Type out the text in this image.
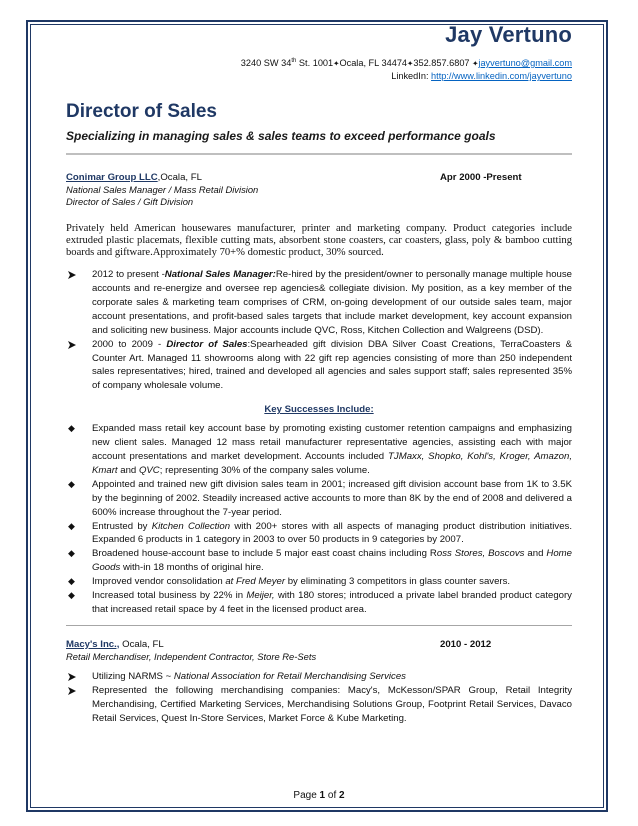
Jay Vertuno
3240 SW 34th St. 1001✦Ocala, FL 34474✦352.857.6807 ✦jayvertuno@gmail.com
LinkedIn: http://www.linkedin.com/jayvertuno
Director of Sales
Specializing in managing sales & sales teams to exceed performance goals
Conimar Group LLC,Ocala, FL	Apr 2000 -Present
National Sales Manager / Mass Retail Division
Director of Sales / Gift Division
Privately held American housewares manufacturer, printer and marketing company. Product categories include extruded plastic placemats, flexible cutting mats, absorbent stone coasters, car coasters, glass, poly & bamboo cutting boards and giftware.Approximately 70+% domestic product, 30% sourced.
2012 to present -National Sales Manager:Re-hired by the president/owner to personally manage multiple house accounts and re-energize and oversee rep agencies& collegiate division. My position, as a key member of the corporate sales & marketing team comprises of CRM, on-going development of our outside sales team, major account presentations, and profit-based sales targets that include market development, key account expansion and soliciting new business. Major accounts include QVC, Ross, Kitchen Collection and Walgreens (DSD).
2000 to 2009 - Director of Sales:Spearheaded gift division DBA Silver Coast Creations, TerraCoasters & Counter Art. Managed 11 showrooms along with 22 gift rep agencies consisting of more than 250 independent sales representatives; hired, trained and developed all agencies and sales support staff; sales represented 35% of company wholesale volume.
Key Successes Include:
◆ Expanded mass retail key account base by promoting existing customer retention campaigns and emphasizing new client sales. Managed 12 mass retail manufacturer representative agencies, assisting each with major account presentations and market development. Accounts included TJMaxx, Shopko, Kohl's, Kroger, Amazon, Kmart and QVC; representing 30% of the company sales volume.
◆ Appointed and trained new gift division sales team in 2001; increased gift division account base from 1K to 3.5K by the beginning of 2002. Steadily increased active accounts to more than 8K by the end of 2008 and delivered a 600% increase throughout the 7-year period.
◆ Entrusted by Kitchen Collection with 200+ stores with all aspects of managing product distribution initiatives. Expanded 6 products in 1 category in 2003 to over 50 products in 9 categories by 2007.
◆ Broadened house-account base to include 5 major east coast chains including Ross Stores, Boscovs and Home Goods with-in 18 months of original hire.
◆ Improved vendor consolidation at Fred Meyer by eliminating 3 competitors in glass counter savers.
◆ Increased total business by 22% in Meijer, with 180 stores; introduced a private label branded product category that increased retail space by 4 feet in the licensed product area.
Macy's Inc., Ocala, FL	2010 - 2012
Retail Merchandiser, Independent Contractor, Store Re-Sets
Utilizing NARMS ~ National Association for Retail Merchandising Services
Represented the following merchandising companies: Macy's, McKesson/SPAR Group, Retail Integrity Merchandising, Certified Marketing Services, Merchandising Solutions Group, Footprint Retail Services, Davaco Retail Services, Quest In-Store Services, Market Force & Kube Marketing.
Page 1 of 2
